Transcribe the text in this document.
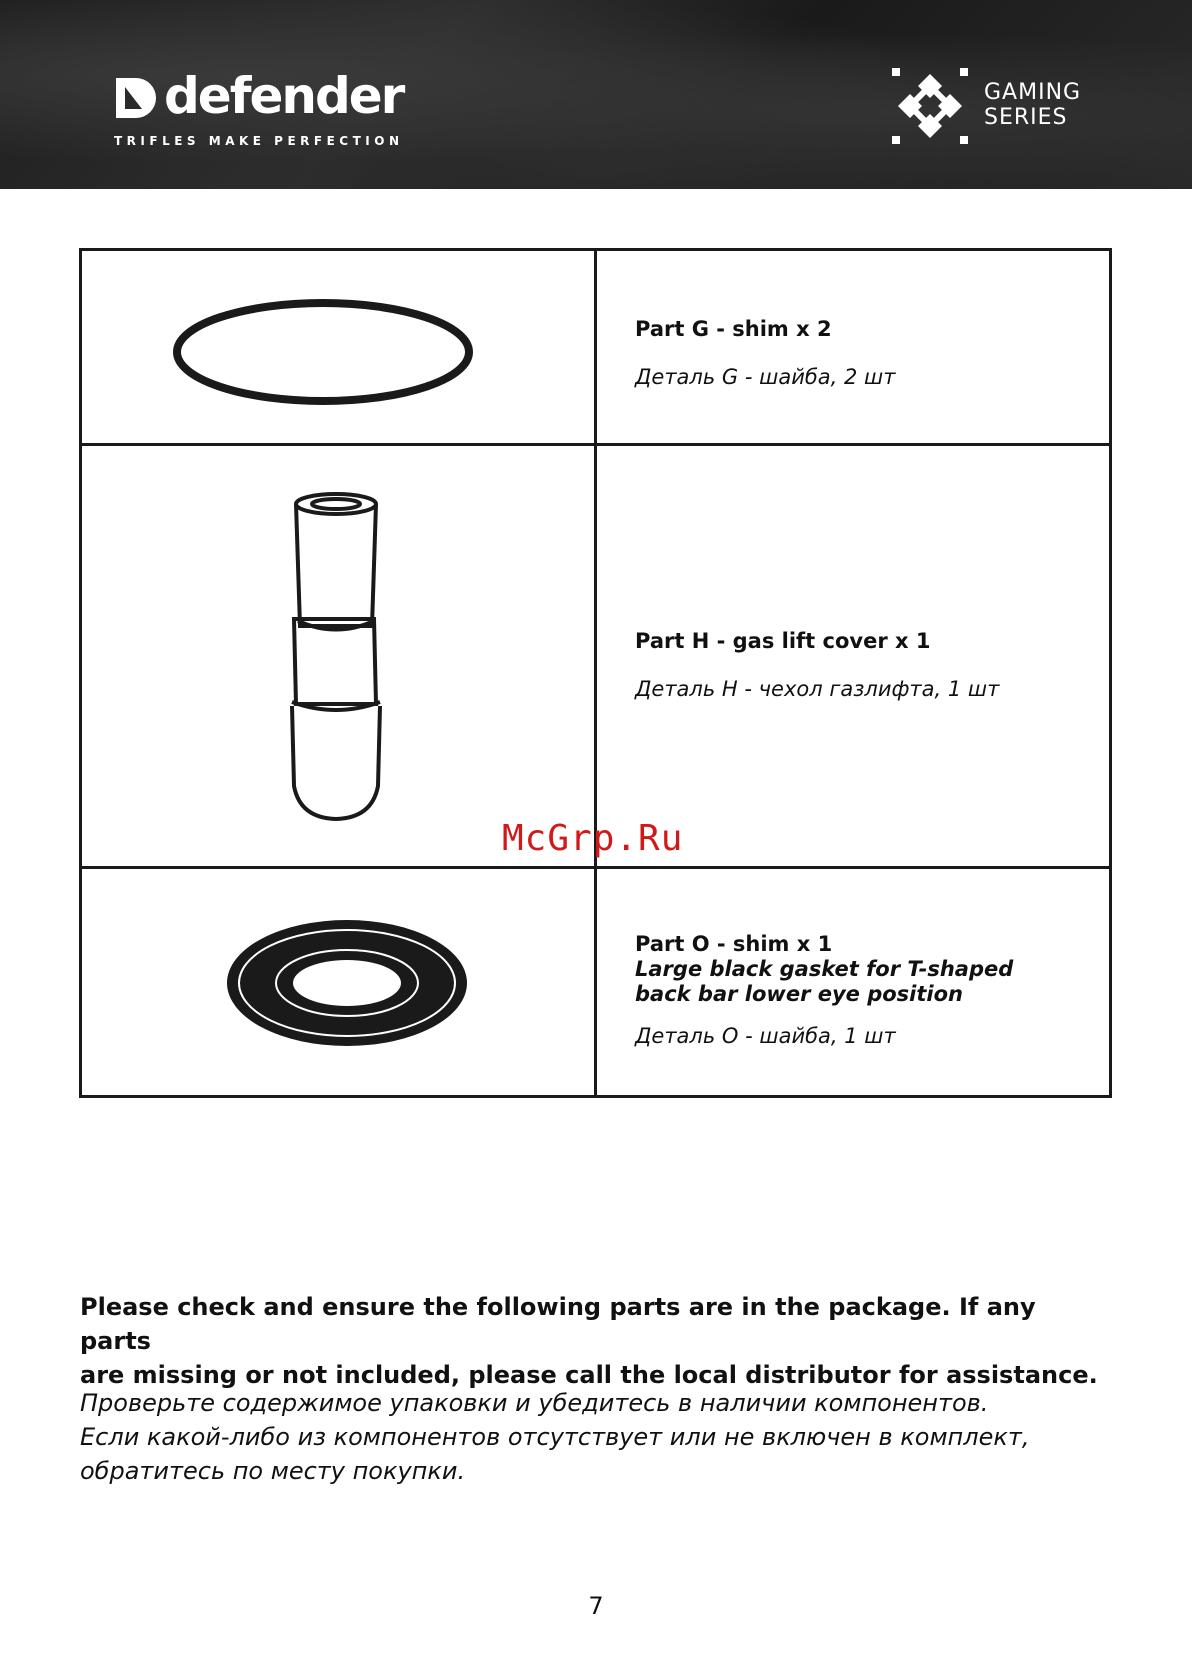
defender
TRIFLES MAKE PERFECTION
GAMING
SERIES
Part G - shim x 2
Деталь G - шайба, 2 шт
Part H - gas lift cover x 1
Деталь H - чехол газлифта, 1 шт
Part O - shim x 1
Large black gasket for T-shaped
back bar lower eye position
Деталь O - шайба, 1 шт
McGrp.Ru
Please check and ensure the following parts are in the package. If any parts
are missing or not included, please call the local distributor for assistance.
Проверьте содержимое упаковки и убедитесь в наличии компонентов.
Если какой-либо из компонентов отсутствует или не включен в комплект,
обратитесь по месту покупки.
7
